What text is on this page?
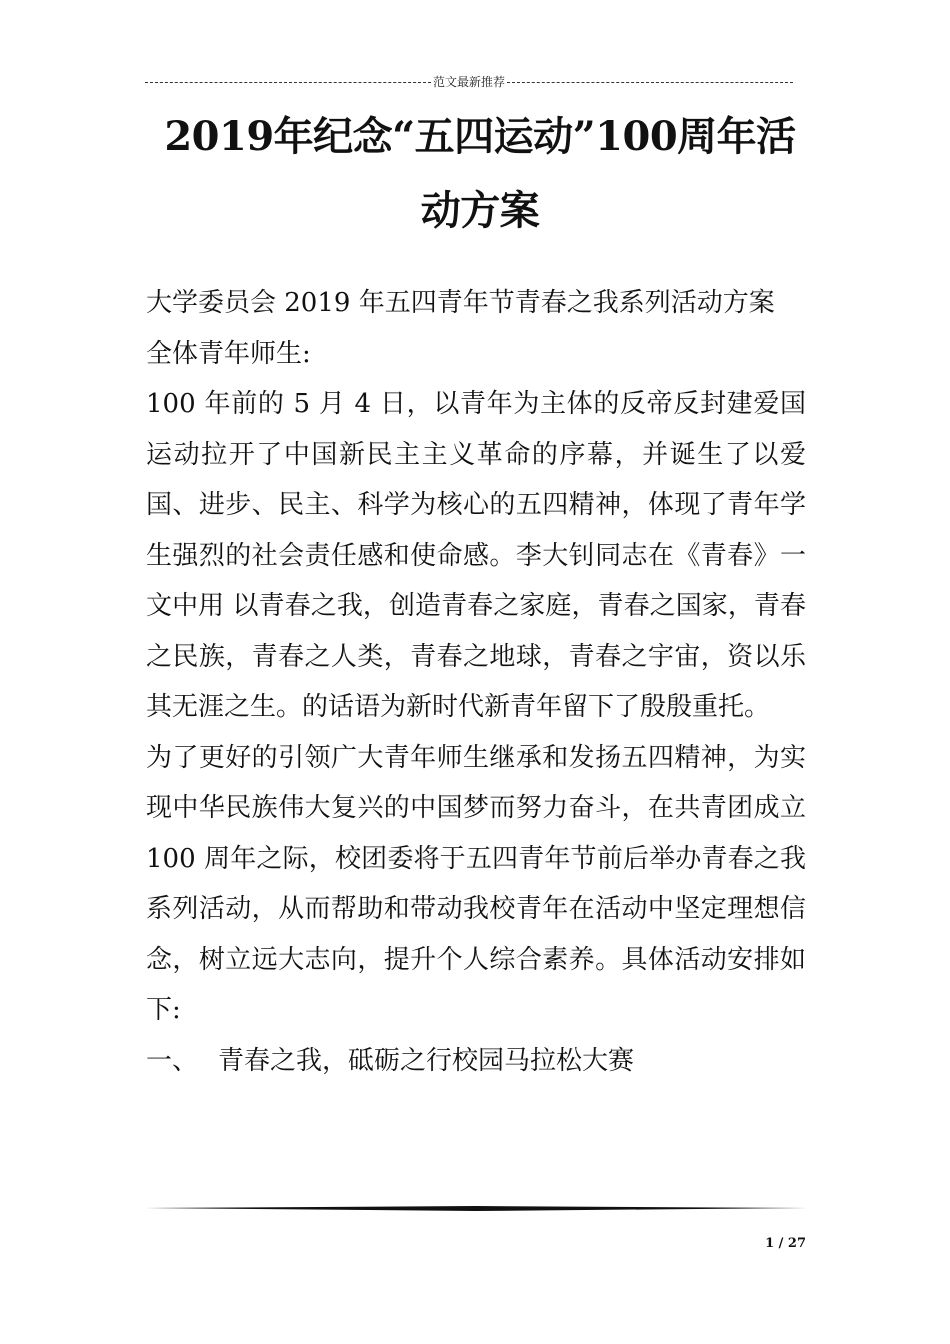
范文最新推荐
2019年纪念“五四运动”100周年活动方案

大学委员会 2019 年五四青年节青春之我系列活动方案

全体青年师生:

100 年前的 5 月 4 日，以青年为主体的反帝反封建爱国运动拉开了中国新民主主义革命的序幕，并诞生了以爱国、进步、民主、科学为核心的五四精神，体现了青年学生强烈的社会责任感和使命感。李大钊同志在《青春》一文中用 以青春之我，创造青春之家庭，青春之国家，青春之民族，青春之人类，青春之地球，青春之宇宙，资以乐其无涯之生。的话语为新时代新青年留下了殷殷重托。

为了更好的引领广大青年师生继承和发扬五四精神，为实现中华民族伟大复兴的中国梦而努力奋斗，在共青团成立 100 周年之际，校团委将于五四青年节前后举办青春之我系列活动，从而帮助和带动我校青年在活动中坚定理想信念，树立远大志向，提升个人综合素养。具体活动安排如下:

一、 青春之我，砥砺之行校园马拉松大赛

1 / 27
